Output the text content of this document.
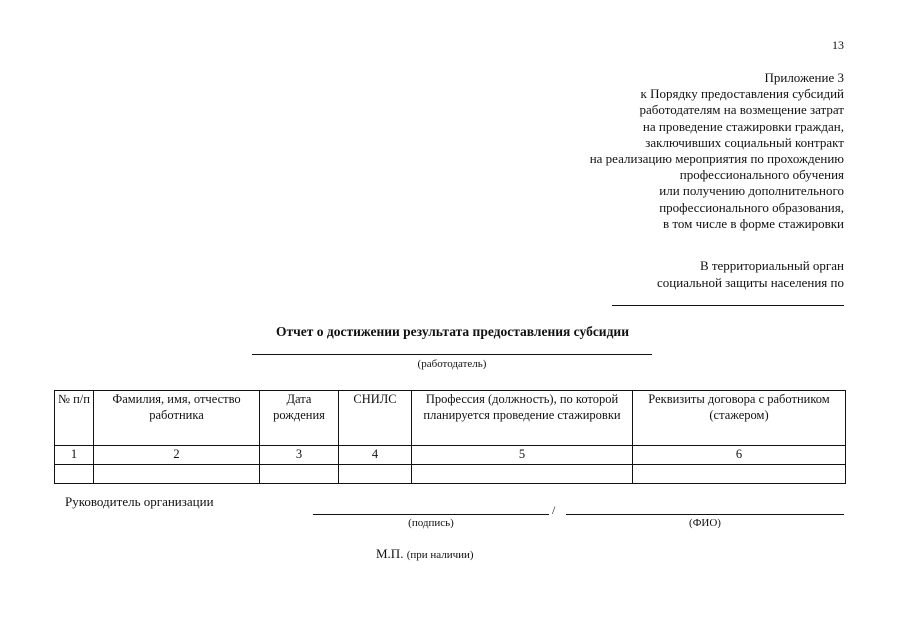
13
Приложение 3
к Порядку предоставления субсидий
работодателям на возмещение затрат
на проведение стажировки граждан,
заключивших социальный контракт
на реализацию мероприятия по прохождению
профессионального обучения
или получению дополнительного
профессионального образования,
в том числе в форме стажировки
В территориальный орган
социальной защиты населения по
Отчет о достижении результата предоставления субсидии
(работодатель)
№ п/п	Фамилия, имя, отчество работника	Дата рождения	СНИЛС	Профессия (должность), по которой планируется проведение стажировки	Реквизиты договора с работником (стажером)
1	2	3	4	5	6

Руководитель организации
/
(подпись)	(ФИО)
М.П. (при наличии)
